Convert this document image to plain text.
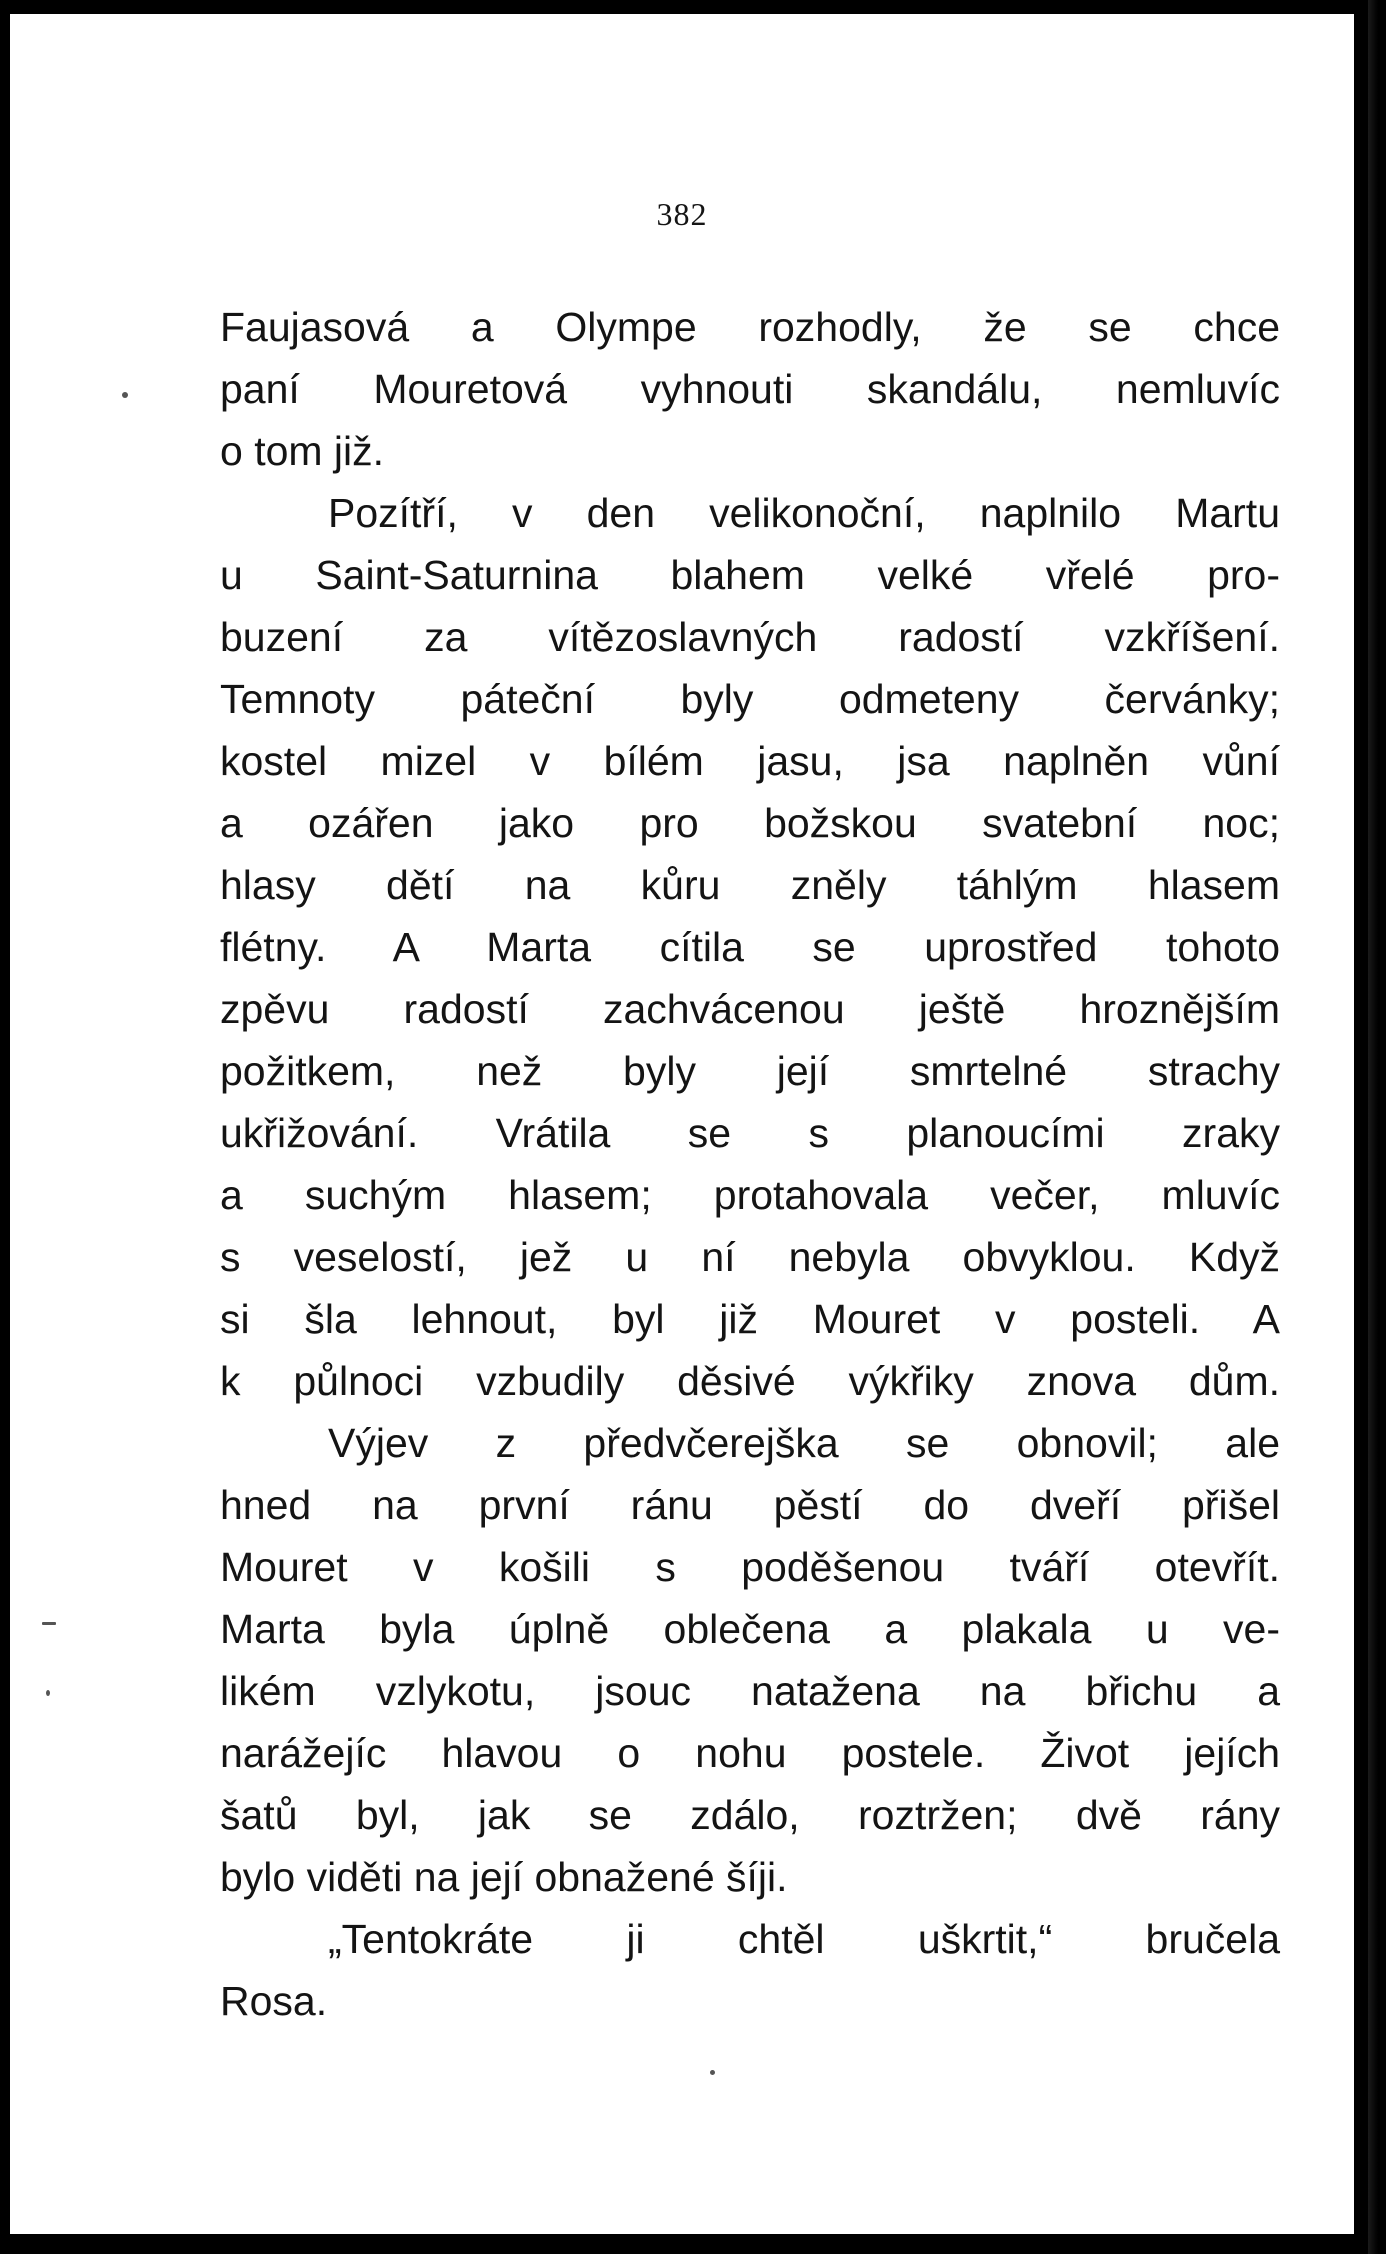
382

Faujasová a Olympe rozhodly, že se chce
paní Mouretová vyhnouti skandálu, nemluvíc
o tom již.

Pozítří, v den velikonoční, naplnilo Martu
u Saint-Saturnina blahem velké vřelé pro-
buzení za vítězoslavných radostí vzkříšení.
Temnoty páteční byly odmeteny červánky;
kostel mizel v bílém jasu, jsa naplněn vůní
a ozářen jako pro božskou svatební noc;
hlasy dětí na kůru zněly táhlým hlasem
flétny. A Marta cítila se uprostřed tohoto
zpěvu radostí zachvácenou ještě hroznějším
požitkem, než byly její smrtelné strachy
ukřižování. Vrátila se s planoucími zraky
a suchým hlasem; protahovala večer, mluvíc
s veselostí, jež u ní nebyla obvyklou. Když
si šla lehnout, byl již Mouret v posteli. A
k půlnoci vzbudily děsivé výkřiky znova dům.

Výjev z předvčerejška se obnovil; ale
hned na první ránu pěstí do dveří přišel
Mouret v košili s poděšenou tváří otevřít.
Marta byla úplně oblečena a plakala u ve-
likém vzlykotu, jsouc natažena na břichu a
narážejíc hlavou o nohu postele. Život jejích
šatů byl, jak se zdálo, roztržen; dvě rány
bylo viděti na její obnažené šíji.

„Tentokráte ji chtěl uškrtit,“ bručela
Rosa.
